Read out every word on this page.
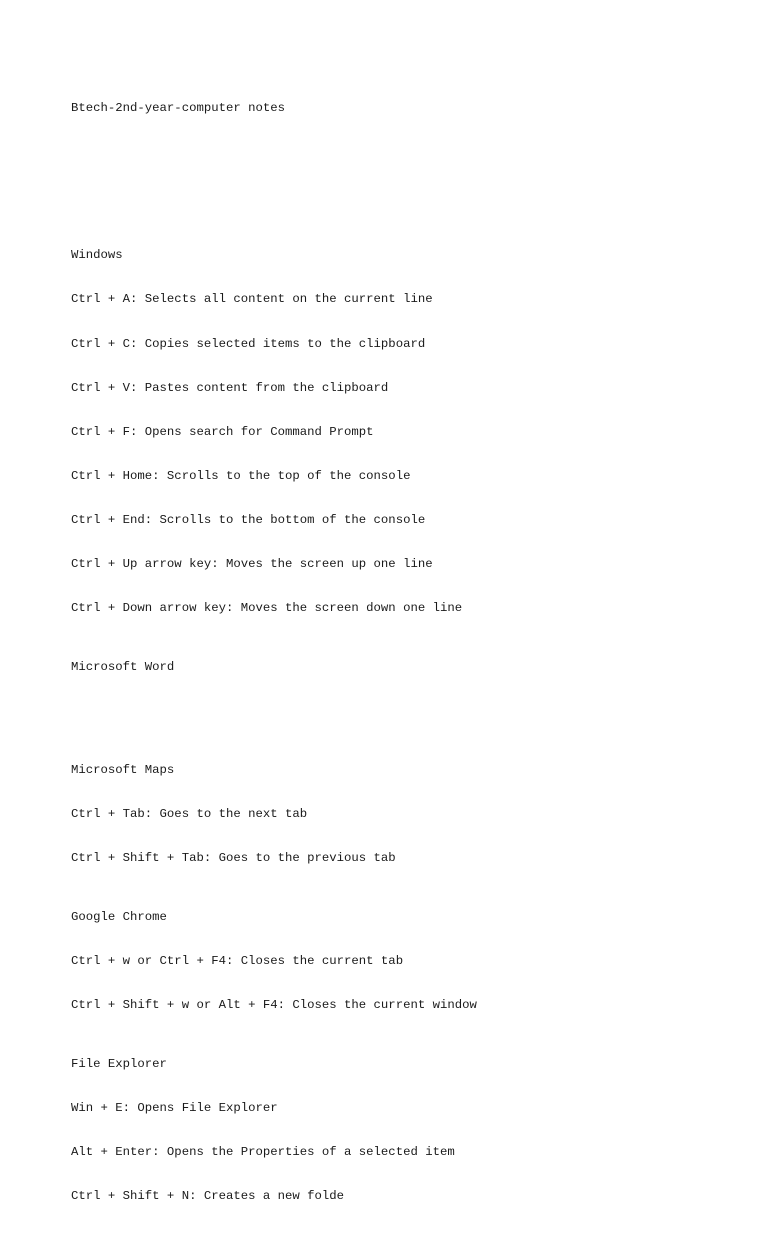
Btech-2nd-year-computer notes

Windows

Ctrl + A: Selects all content on the current line

Ctrl + C: Copies selected items to the clipboard

Ctrl + V: Pastes content from the clipboard

Ctrl + F: Opens search for Command Prompt

Ctrl + Home: Scrolls to the top of the console

Ctrl + End: Scrolls to the bottom of the console

Ctrl + Up arrow key: Moves the screen up one line

Ctrl + Down arrow key: Moves the screen down one line

Microsoft Word

Microsoft Maps

Ctrl + Tab: Goes to the next tab

Ctrl + Shift + Tab: Goes to the previous tab

Google Chrome

Ctrl + w or Ctrl + F4: Closes the current tab

Ctrl + Shift + w or Alt + F4: Closes the current window

File Explorer

Win + E: Opens File Explorer

Alt + Enter: Opens the Properties of a selected item

Ctrl + Shift + N: Creates a new folde
